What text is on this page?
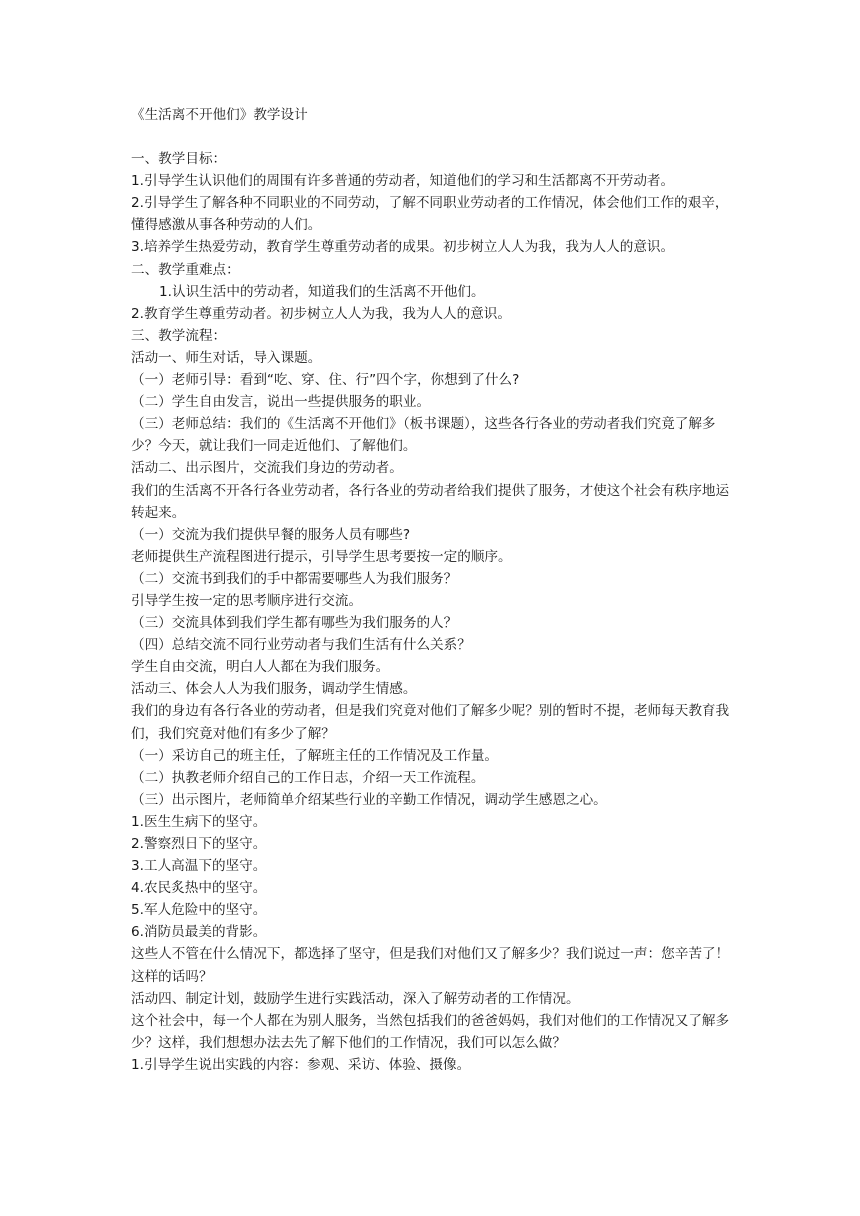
《生活离不开他们》教学设计

一、教学目标：

1.引导学生认识他们的周围有许多普通的劳动者，知道他们的学习和生活都离不开劳动者。

2.引导学生了解各种不同职业的不同劳动，了解不同职业劳动者的工作情况，体会他们工作的艰辛，懂得感激从事各种劳动的人们。

3.培养学生热爱劳动，教育学生尊重劳动者的成果。初步树立人人为我，我为人人的意识。

二、教学重难点：

1.认识生活中的劳动者，知道我们的生活离不开他们。

2.教育学生尊重劳动者。初步树立人人为我，我为人人的意识。

三、教学流程：

活动一、师生对话，导入课题。

（一）老师引导：看到“吃、穿、住、行”四个字，你想到了什么?

（二）学生自由发言，说出一些提供服务的职业。

（三）老师总结：我们的《生活离不开他们》（板书课题），这些各行各业的劳动者我们究竟了解多少？今天，就让我们一同走近他们、了解他们。

活动二、出示图片，交流我们身边的劳动者。

我们的生活离不开各行各业劳动者，各行各业的劳动者给我们提供了服务，才使这个社会有秩序地运转起来。

（一）交流为我们提供早餐的服务人员有哪些?

老师提供生产流程图进行提示，引导学生思考要按一定的顺序。

（二）交流书到我们的手中都需要哪些人为我们服务？

引导学生按一定的思考顺序进行交流。

（三）交流具体到我们学生都有哪些为我们服务的人？

（四）总结交流不同行业劳动者与我们生活有什么关系？

学生自由交流，明白人人都在为我们服务。

活动三、体会人人为我们服务，调动学生情感。

我们的身边有各行各业的劳动者，但是我们究竟对他们了解多少呢？别的暂时不提，老师每天教育我们，我们究竟对他们有多少了解？

（一）采访自己的班主任，了解班主任的工作情况及工作量。

（二）执教老师介绍自己的工作日志，介绍一天工作流程。

（三）出示图片，老师简单介绍某些行业的辛勤工作情况，调动学生感恩之心。

1.医生生病下的坚守。

2.警察烈日下的坚守。

3.工人高温下的坚守。

4.农民炙热中的坚守。

5.军人危险中的坚守。

6.消防员最美的背影。

这些人不管在什么情况下，都选择了坚守，但是我们对他们又了解多少？我们说过一声：您辛苦了！这样的话吗？

活动四、制定计划，鼓励学生进行实践活动，深入了解劳动者的工作情况。

这个社会中，每一个人都在为别人服务，当然包括我们的爸爸妈妈，我们对他们的工作情况又了解多少？这样，我们想想办法去先了解下他们的工作情况，我们可以怎么做？

1.引导学生说出实践的内容：参观、采访、体验、摄像。
